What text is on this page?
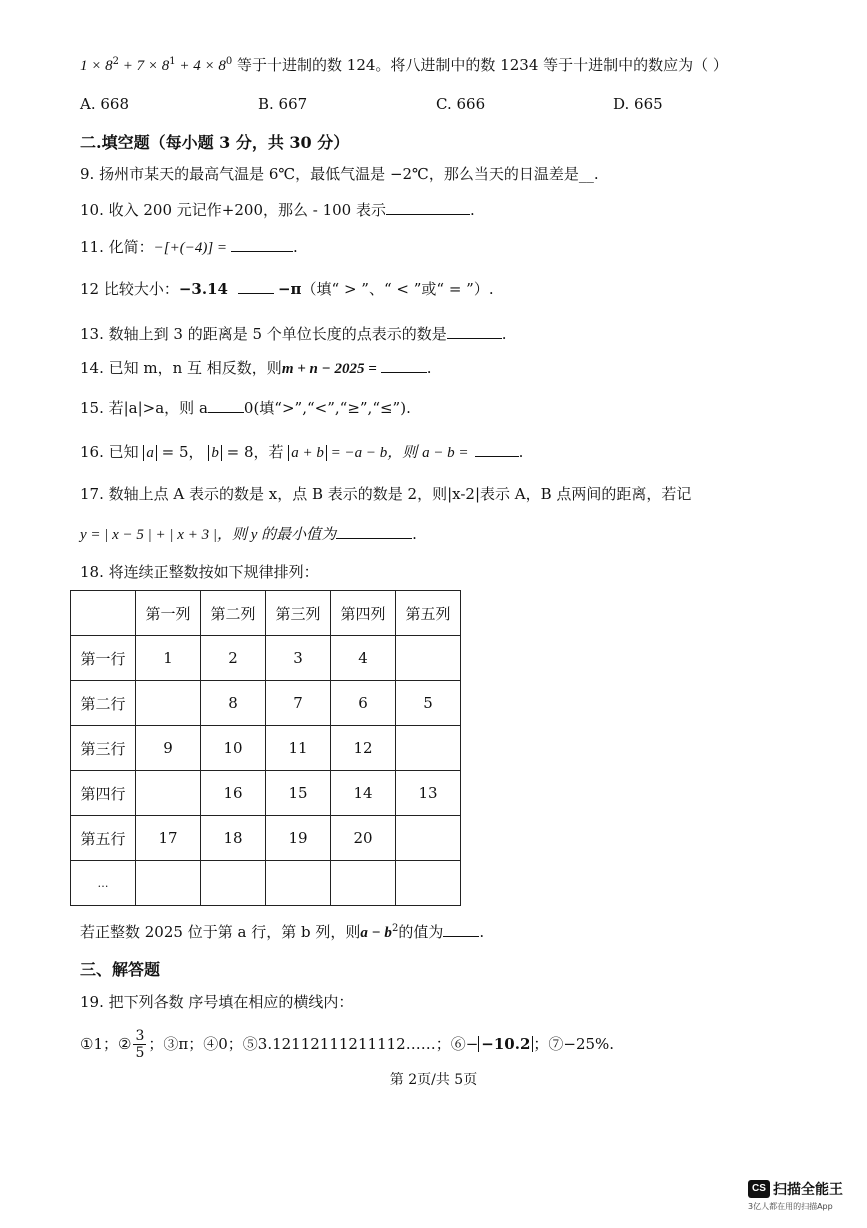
$1 \times 8^2 + 7 \times 8^1 + 4 \times 8^0$ 等于十进制的数 124。将八进制中的数 1234 等于十进制中的数应为（ ）
A. 668	B. 667	C. 666	D. 665
二.填空题（每小题 3 分，共 30 分）
9. 扬州市某天的最高气温是 6℃，最低气温是 −2℃，那么当天的日温差是__.
10. 收入 200 元记作+200，那么 - 100 表示	.
11. 化简：−[+(−4)] =	.
12 比较大小：−3.14	−π（填“ > ”、“ < ”或“ = ”）.
13. 数轴上到 3 的距离是 5 个单位长度的点表示的数是	.
14. 已知 m，n 互 相反数，则m + n − 2025 =	.
15. 若|a|>a，则 a 0(填“>”,“<”,“≥”,“≤”).
16. 已知 a = 5， b = 8，若 a + b = −a − b，则 a − b =	.
17. 数轴上点 A 表示的数是 x，点 B 表示的数是 2，则|x-2|表示 A，B 点两间的距离，若记
y = | x − 5 | + | x + 3 |，则 y 的最小值为	.
18. 将连续正整数按如下规律排列：
	第一列	第二列	第三列	第四列	第五列
第一行	1	2	3	4	
第二行		8	7	6	5
第三行	9	10	11	12	
第四行		16	15	14	13
第五行	17	18	19	20	
…					
若正整数 2025 位于第 a 行，第 b 列，则$a - b^2$的值为 .
三、解答题
19. 把下列各数 序号填在相应的横线内：
①1；② $\frac{3}{5}$ ；③π；④0；⑤3.12112111211112……；⑥− −10.2 ；⑦−25%.
第 2页/共 5页
CS 扫描全能王
3亿人都在用的扫描App
